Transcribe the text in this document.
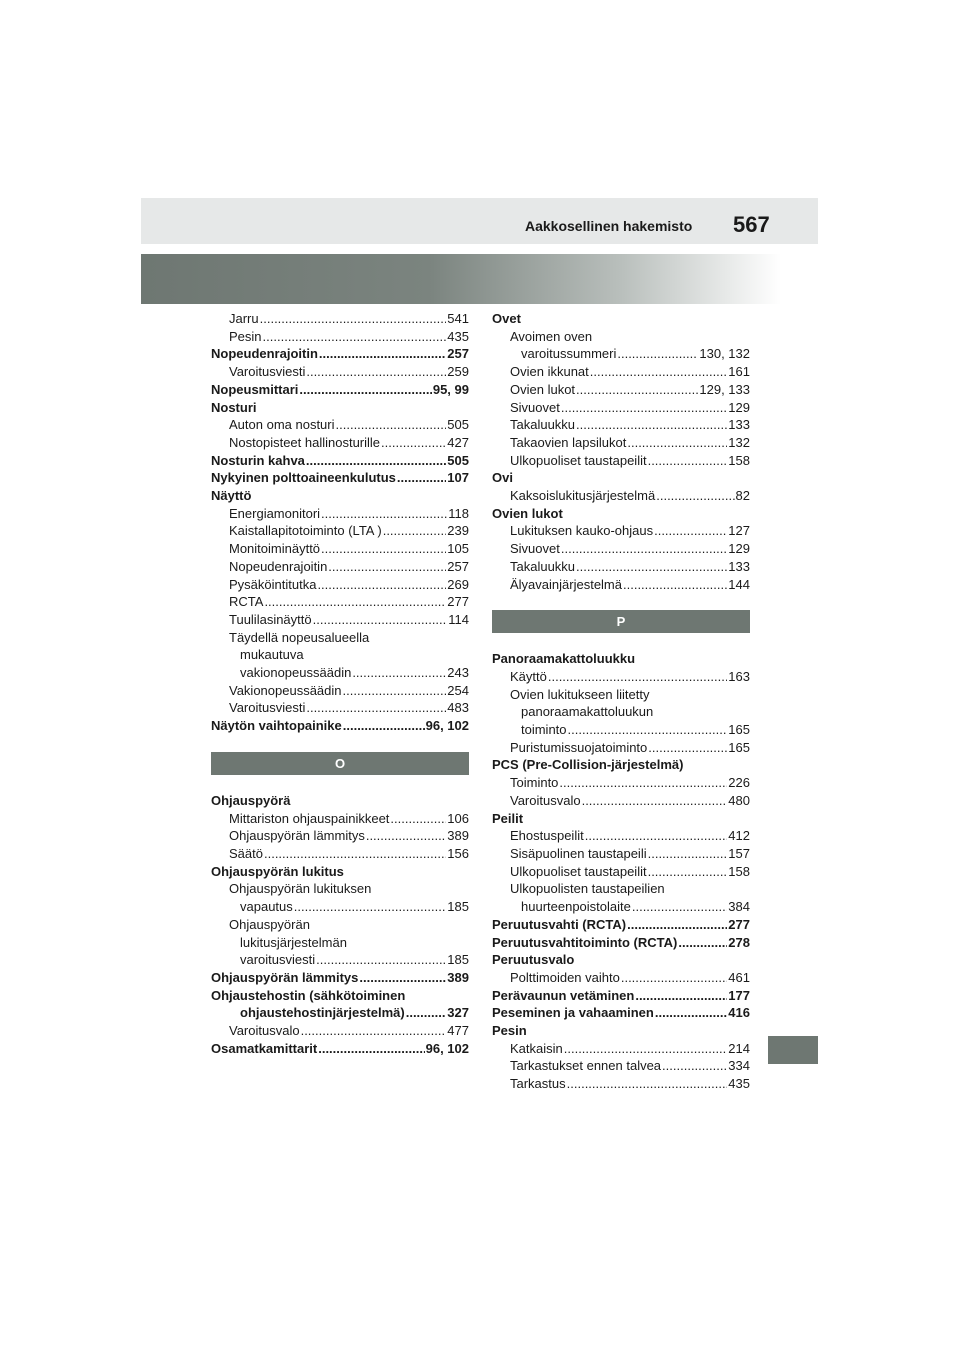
Aakkosellinen hakemisto 567
Jarru .....	541
Pesin .....	435
Nopeudenrajoitin .....	257
Varoitusviesti .....	259
Nopeusmittari .....	95, 99
Nosturi
Auton oma nosturi .....	505
Nostopisteet hallinosturille .....	427
Nosturin kahva .....	505
Nykyinen polttoaineenkulutus .....	107
Näyttö
Energiamonitori .....	118
Kaistallapitotoiminto (LTA ) .....	239
Monitoiminäyttö .....	105
Nopeudenrajoitin .....	257
Pysäköintitutka .....	269
RCTA .....	277
Tuulilasinäyttö .....	114
Täydellä nopeusalueella
mukautuva
vakionopeussäädin .....	243
Vakionopeussäädin .....	254
Varoitusviesti .....	483
Näytön vaihtopainike .....	96, 102
O
Ohjauspyörä
Mittariston ohjauspainikkeet .....	106
Ohjauspyörän lämmitys .....	389
Säätö .....	156
Ohjauspyörän lukitus
Ohjauspyörän lukituksen
vapautus .....	185
Ohjauspyörän
lukitusjärjestelmän
varoitusviesti .....	185
Ohjauspyörän lämmitys .....	389
Ohjaustehostin (sähkötoiminen
ohjaustehostinjärjestelmä) .....	327
Varoitusvalo .....	477
Osamatkamittarit .....	96, 102
Ovet
Avoimen oven
varoitussummeri .....	130, 132
Ovien ikkunat .....	161
Ovien lukot .....	129, 133
Sivuovet .....	129
Takaluukku .....	133
Takaovien lapsilukot .....	132
Ulkopuoliset taustapeilit .....	158
Ovi
Kaksoislukitusjärjestelmä .....	82
Ovien lukot
Lukituksen kauko-ohjaus .....	127
Sivuovet .....	129
Takaluukku .....	133
Älyavainjärjestelmä .....	144
P
Panoraamakattoluukku
Käyttö .....	163
Ovien lukitukseen liitetty
panoraamakattoluukun
toiminto .....	165
Puristumissuojatoiminto .....	165
PCS (Pre-Collision-järjestelmä)
Toiminto .....	226
Varoitusvalo .....	480
Peilit
Ehostuspeilit .....	412
Sisäpuolinen taustapeili .....	157
Ulkopuoliset taustapeilit .....	158
Ulkopuolisten taustapeilien
huurteenpoistolaite .....	384
Peruutusvahti (RCTA) .....	277
Peruutusvahtitoiminto (RCTA) .....	278
Peruutusvalo
Polttimoiden vaihto .....	461
Perävaunun vetäminen .....	177
Peseminen ja vahaaminen .....	416
Pesin
Katkaisin .....	214
Tarkastukset ennen talvea .....	334
Tarkastus .....	435
